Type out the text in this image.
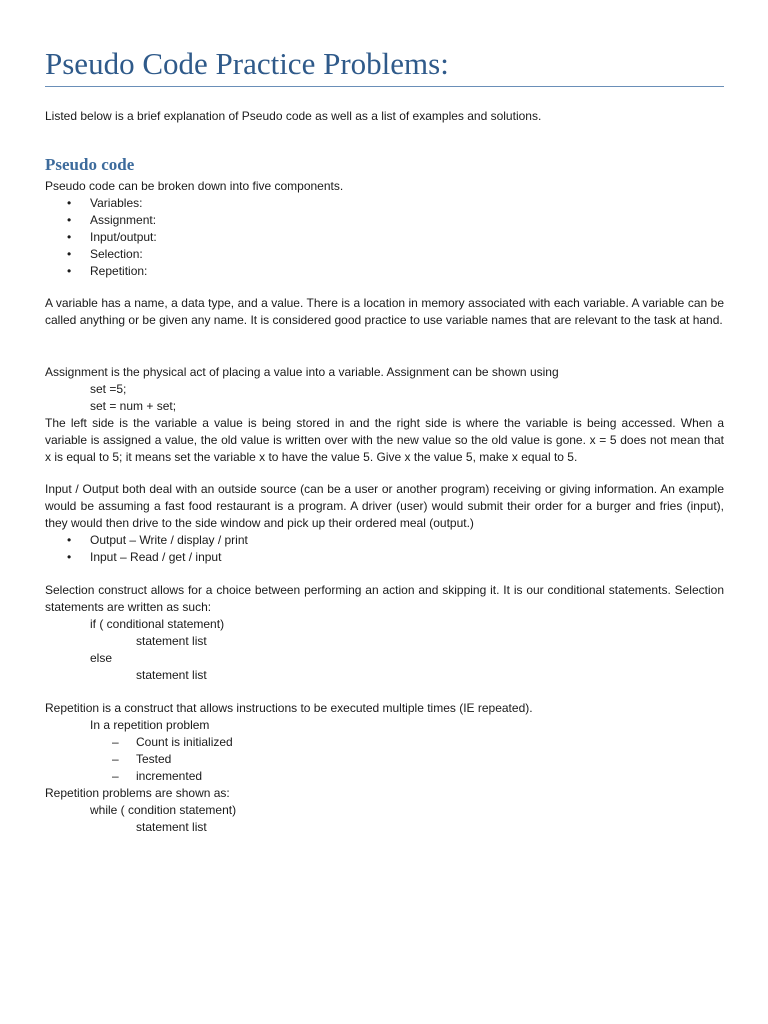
Pseudo Code Practice Problems:
Listed below is a brief explanation of Pseudo code as well as a list of examples and solutions.
Pseudo code
Pseudo code can be broken down into five components.
• Variables:
• Assignment:
• Input/output:
• Selection:
• Repetition:
A variable has a name, a data type, and a value. There is a location in memory associated with each variable. A variable can be called anything or be given any name. It is considered good practice to use variable names that are relevant to the task at hand.
Assignment is the physical act of placing a value into a variable. Assignment can be shown using
set =5;
set = num + set;
The left side is the variable a value is being stored in and the right side is where the variable is being accessed. When a variable is assigned a value, the old value is written over with the new value so the old value is gone. x = 5 does not mean that x is equal to 5; it means set the variable x to have the value 5. Give x the value 5, make x equal to 5.
Input / Output both deal with an outside source (can be a user or another program) receiving or giving information. An example would be assuming a fast food restaurant is a program. A driver (user) would submit their order for a burger and fries (input), they would then drive to the side window and pick up their ordered meal (output.)
• Output – Write / display / print
• Input – Read / get / input
Selection construct allows for a choice between performing an action and skipping it. It is our conditional statements. Selection statements are written as such:
if ( conditional statement)
statement list
else
statement list
Repetition is a construct that allows instructions to be executed multiple times (IE repeated).
In a repetition problem
– Count is initialized
– Tested
– incremented
Repetition problems are shown as:
while ( condition statement)
statement list
